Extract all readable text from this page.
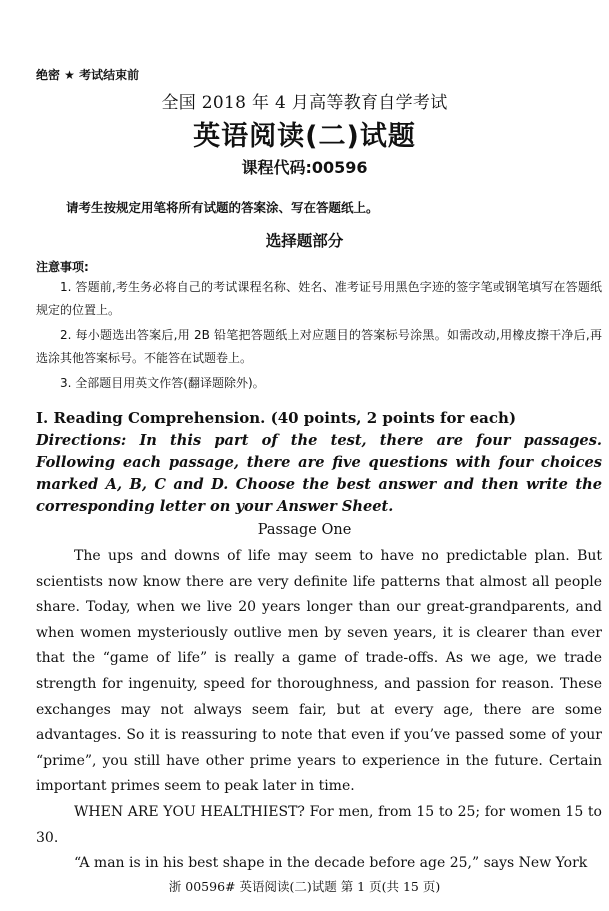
绝密 ★ 考试结束前
全国 2018 年 4 月高等教育自学考试
英语阅读(二)试题
课程代码:00596
请考生按规定用笔将所有试题的答案涂、写在答题纸上。
选择题部分
注意事项:

1. 答题前,考生务必将自己的考试课程名称、姓名、准考证号用黑色字迹的签字笔或钢笔填写在答题纸规定的位置上。

2. 每小题选出答案后,用 2B 铅笔把答题纸上对应题目的答案标号涂黑。如需改动,用橡皮擦干净后,再选涂其他答案标号。不能答在试题卷上。

3. 全部题目用英文作答(翻译题除外)。

I. Reading Comprehension. (40 points, 2 points for each)
Directions: In this part of the test, there are four passages. Following each passage, there are five questions with four choices marked A, B, C and D. Choose the best answer and then write the corresponding letter on your Answer Sheet.
Passage One

The ups and downs of life may seem to have no predictable plan. But scientists now know there are very definite life patterns that almost all people share. Today, when we live 20 years longer than our great-grandparents, and when women mysteriously outlive men by seven years, it is clearer than ever that the “game of life” is really a game of trade-offs. As we age, we trade strength for ingenuity, speed for thoroughness, and passion for reason. These exchanges may not always seem fair, but at every age, there are some advantages. So it is reassuring to note that even if you’ve passed some of your “prime”, you still have other prime years to experience in the future. Certain important primes seem to peak later in time.

WHEN ARE YOU HEALTHIEST? For men, from 15 to 25; for women 15 to 30.

“A man is in his best shape in the decade before age 25,” says New York

浙 00596# 英语阅读(二)试题 第 1 页(共 15 页)
